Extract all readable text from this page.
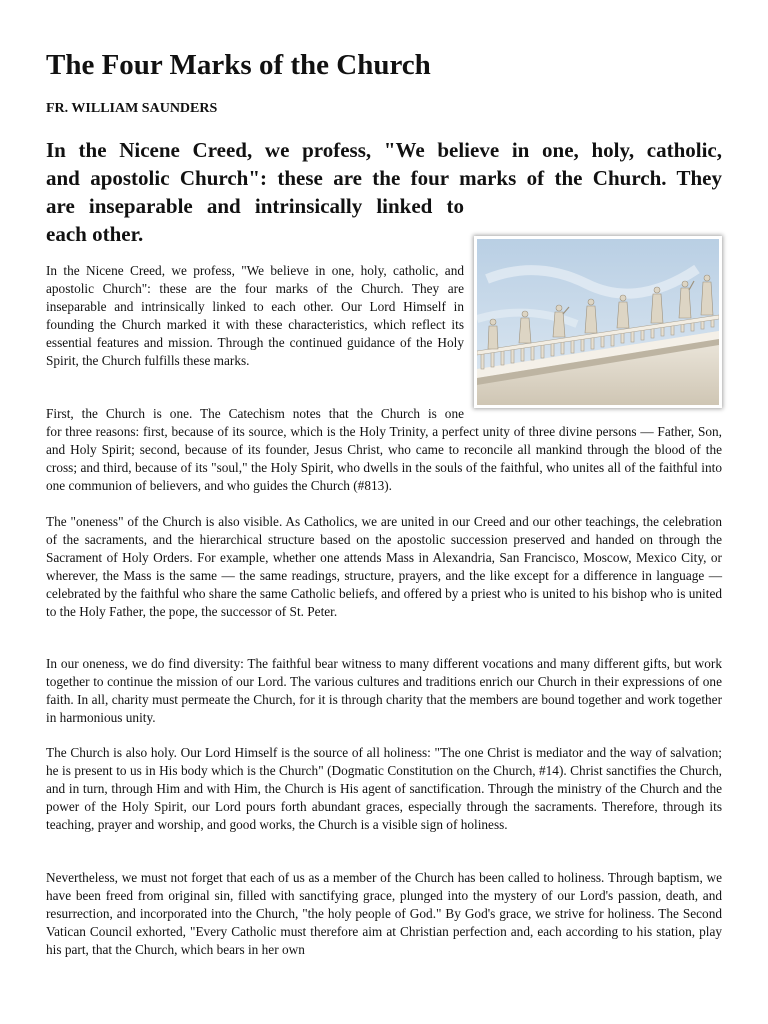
The Four Marks of the Church
FR. WILLIAM SAUNDERS
In the Nicene Creed, we profess, "We believe in one, holy, catholic,
and apostolic Church": these are the four marks of the Church. They
are inseparable and intrinsically linked to
each other.
In the Nicene Creed, we profess, "We believe in one, holy, catholic, and apostolic Church": these are the four marks of the Church. They are inseparable and intrinsically linked to each other. Our Lord Himself in founding the Church marked it with these characteristics, which reflect its essential features and mission. Through the continued guidance of the Holy Spirit, the Church fulfills these marks.
First, the Church is one. The Catechism notes that the Church is one
for three reasons: first, because of its source, which is the Holy Trinity, a perfect unity of three divine persons — Father, Son, and Holy Spirit; second, because of its founder, Jesus Christ, who came to reconcile all mankind through the blood of the cross; and third, because of its "soul," the Holy Spirit, who dwells in the souls of the faithful, who unites all of the faithful into one communion of believers, and who guides the Church (#813).
The "oneness" of the Church is also visible. As Catholics, we are united in our Creed and our other teachings, the celebration of the sacraments, and the hierarchical structure based on the apostolic succession preserved and handed on through the Sacrament of Holy Orders. For example, whether one attends Mass in Alexandria, San Francisco, Moscow, Mexico City, or wherever, the Mass is the same — the same readings, structure, prayers, and the like except for a difference in language — celebrated by the faithful who share the same Catholic beliefs, and offered by a priest who is united to his bishop who is united to the Holy Father, the pope, the successor of St. Peter.
In our oneness, we do find diversity: The faithful bear witness to many different vocations and many different gifts, but work together to continue the mission of our Lord. The various cultures and traditions enrich our Church in their expressions of one faith. In all, charity must permeate the Church, for it is through charity that the members are bound together and work together in harmonious unity.
The Church is also holy. Our Lord Himself is the source of all holiness: "The one Christ is mediator and the way of salvation; he is present to us in His body which is the Church" (Dogmatic Constitution on the Church, #14). Christ sanctifies the Church, and in turn, through Him and with Him, the Church is His agent of sanctification. Through the ministry of the Church and the power of the Holy Spirit, our Lord pours forth abundant graces, especially through the sacraments. Therefore, through its teaching, prayer and worship, and good works, the Church is a visible sign of holiness.
Nevertheless, we must not forget that each of us as a member of the Church has been called to holiness. Through baptism, we have been freed from original sin, filled with sanctifying grace, plunged into the mystery of our Lord's passion, death, and resurrection, and incorporated into the Church, "the holy people of God." By God's grace, we strive for holiness. The Second Vatican Council exhorted, "Every Catholic must therefore aim at Christian perfection and, each according to his station, play his part, that the Church, which bears in her own
